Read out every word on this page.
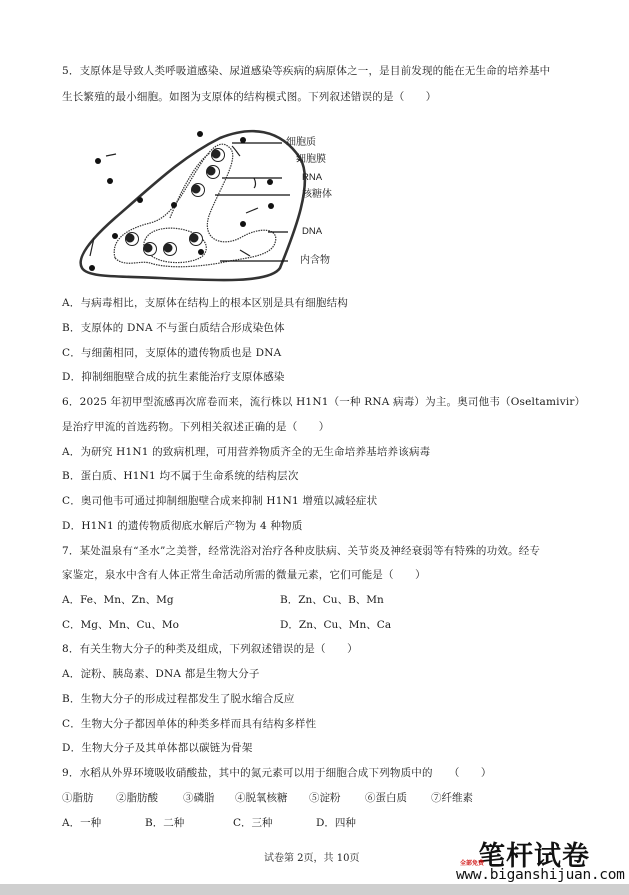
5．支原体是导致人类呼吸道感染、尿道感染等疾病的病原体之一，是目前发现的能在无生命的培养基中
生长繁殖的最小细胞。如图为支原体的结构模式图。下列叙述错误的是（　　）
细胞质
细胞膜
RNA
核糖体
DNA
内含物
A．与病毒相比，支原体在结构上的根本区别是具有细胞结构
B．支原体的 DNA 不与蛋白质结合形成染色体
C．与细菌相同，支原体的遗传物质也是 DNA
D．抑制细胞壁合成的抗生素能治疗支原体感染
6．2025 年初甲型流感再次席卷而来，流行株以 H1N1（一种 RNA 病毒）为主。奥司他韦（Oseltamivir）
是治疗甲流的首选药物。下列相关叙述正确的是（　　）
A．为研究 H1N1 的致病机理，可用营养物质齐全的无生命培养基培养该病毒
B．蛋白质、H1N1 均不属于生命系统的结构层次
C．奥司他韦可通过抑制细胞壁合成来抑制 H1N1 增殖以减轻症状
D．H1N1 的遗传物质彻底水解后产物为 4 种物质
7．某处温泉有“圣水”之美誉，经常洗浴对治疗各种皮肤病、关节炎及神经衰弱等有特殊的功效。经专
家鉴定，泉水中含有人体正常生命活动所需的微量元素，它们可能是（　　）
A．Fe、Mn、Zn、Mg	B．Zn、Cu、B、Mn
C．Mg、Mn、Cu、Mo	D．Zn、Cu、Mn、Ca
8．有关生物大分子的种类及组成，下列叙述错误的是（　　）
A．淀粉、胰岛素、DNA 都是生物大分子
B．生物大分子的形成过程都发生了脱水缩合反应
C．生物大分子都因单体的种类多样而具有结构多样性
D．生物大分子及其单体都以碳链为骨架
9．水稻从外界环境吸收硝酸盐，其中的氮元素可以用于细胞合成下列物质中的　　（　　）
①脂肪 ②脂肪酸 ③磷脂 ④脱氧核糖 ⑤淀粉 ⑥蛋白质 ⑦纤维素
A．一种	B．二种	C．三种	D．四种
试卷第 2页，共 10页	笔杆试卷
全部免费
www.biganshijuan.com
